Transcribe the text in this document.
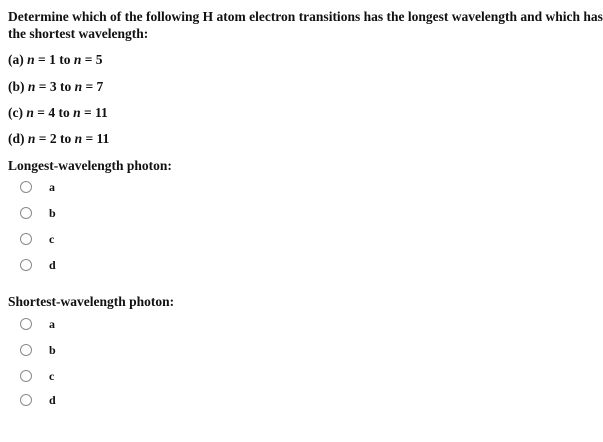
Determine which of the following H atom electron transitions has the longest wavelength and which has
the shortest wavelength:
(a) n = 1 to n = 5
(b) n = 3 to n = 7
(c) n = 4 to n = 11
(d) n = 2 to n = 11
Longest-wavelength photon:
a
b
c
d
Shortest-wavelength photon:
a
b
c
d
